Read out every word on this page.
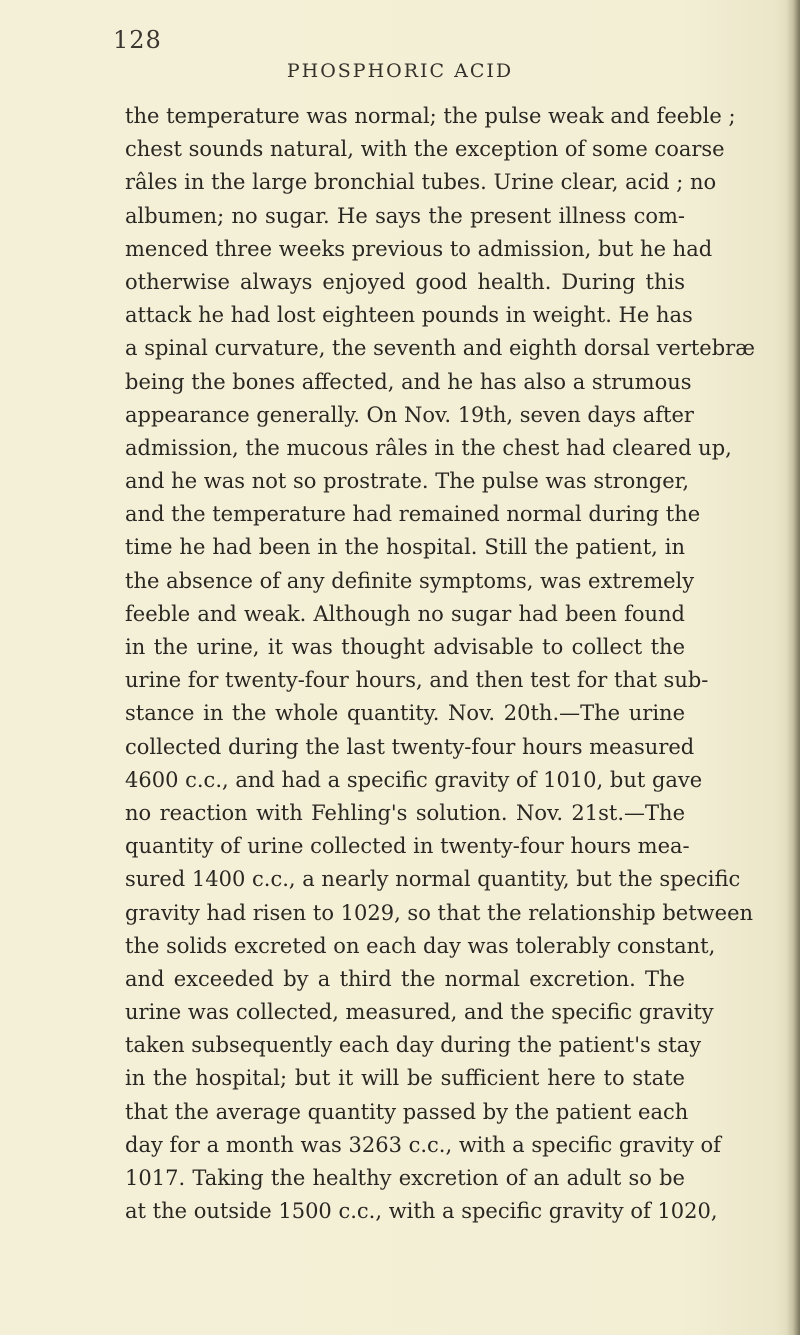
128
PHOSPHORIC ACID
the temperature was normal; the pulse weak and feeble ;
chest sounds natural, with the exception of some coarse
râles in the large bronchial tubes. Urine clear, acid ; no
albumen; no sugar. He says the present illness com-
menced three weeks previous to admission, but he had
otherwise always enjoyed good health. During this
attack he had lost eighteen pounds in weight. He has
a spinal curvature, the seventh and eighth dorsal vertebræ
being the bones affected, and he has also a strumous
appearance generally. On Nov. 19th, seven days after
admission, the mucous râles in the chest had cleared up,
and he was not so prostrate. The pulse was stronger,
and the temperature had remained normal during the
time he had been in the hospital. Still the patient, in
the absence of any definite symptoms, was extremely
feeble and weak. Although no sugar had been found
in the urine, it was thought advisable to collect the
urine for twenty-four hours, and then test for that sub-
stance in the whole quantity. Nov. 20th.—The urine
collected during the last twenty-four hours measured
4600 c.c., and had a specific gravity of 1010, but gave
no reaction with Fehling's solution. Nov. 21st.—The
quantity of urine collected in twenty-four hours mea-
sured 1400 c.c., a nearly normal quantity, but the specific
gravity had risen to 1029, so that the relationship between
the solids excreted on each day was tolerably constant,
and exceeded by a third the normal excretion. The
urine was collected, measured, and the specific gravity
taken subsequently each day during the patient's stay
in the hospital; but it will be sufficient here to state
that the average quantity passed by the patient each
day for a month was 3263 c.c., with a specific gravity of
1017. Taking the healthy excretion of an adult so be
at the outside 1500 c.c., with a specific gravity of 1020,
